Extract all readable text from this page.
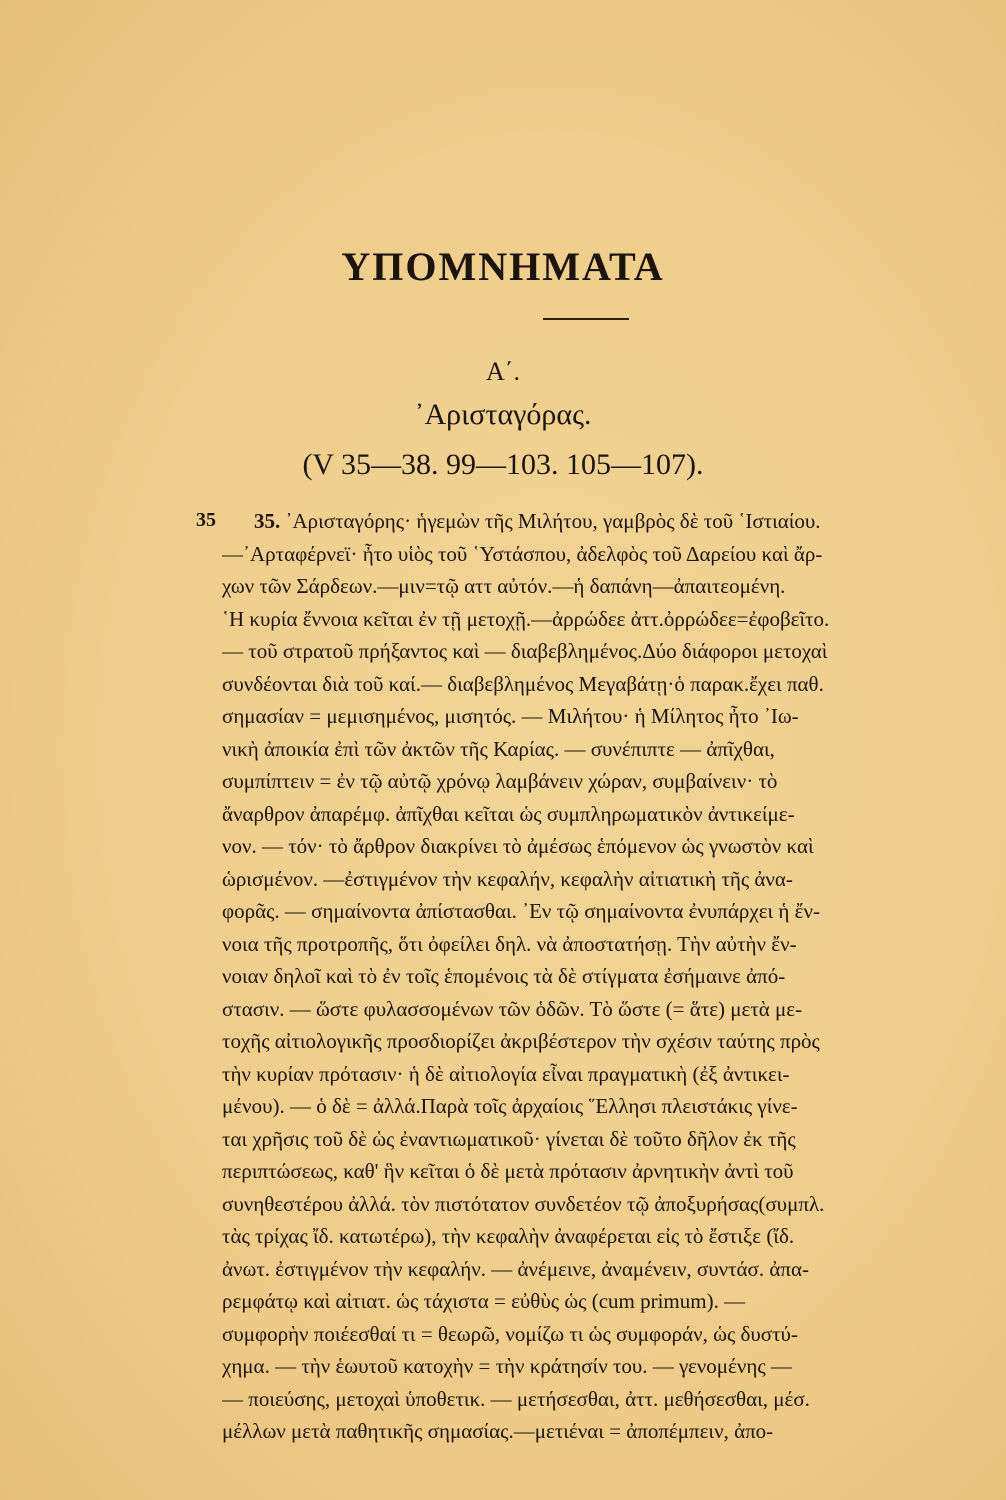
ΥΠΟΜΝΗΜΑΤΑ
Α΄.
᾿Αρισταγόρας.
(V 35—38. 99—103. 105—107).
35	35. ᾿Αρισταγόρης· ἡγεμὼν τῆς Μιλήτου, γαμβρὸς δὲ τοῦ ῾Ιστιαίου.
—᾿Αρταφέρνεϊ· ἦτο υἱὸς τοῦ ῾Υστάσπου, ἀδελφὸς τοῦ Δαρείου καὶ ἄρ-
χων τῶν Σάρδεων.—μιν=τῷ αττ αὐτόν.—ἡ δαπάνη—ἀπαιτεομένη.
῾Η κυρία ἔννοια κεῖται ἐν τῇ μετοχῇ.—ἀρρώδεε ἀττ.ὀρρώδεε=ἐφοβεῖτο.
— τοῦ στρατοῦ πρήξαντος καὶ — διαβεβλημένος.Δύο διάφοροι μετοχαὶ
συνδέονται διὰ τοῦ καί.— διαβεβλημένος Μεγαβάτῃ·ὁ παρακ.ἔχει παθ.
σημασίαν = μεμισημένος, μισητός. — Μιλήτου· ἡ Μίλητος ἦτο ᾿Ιω-
νικὴ ἀποικία ἐπὶ τῶν ἀκτῶν τῆς Καρίας. — συνέπιπτε — ἀπῖχθαι,
συμπίπτειν = ἐν τῷ αὐτῷ χρόνῳ λαμβάνειν χώραν, συμβαίνειν· τὸ
ἄναρθρον ἀπαρέμφ. ἀπῖχθαι κεῖται ὡς συμπληρωματικὸν ἀντικείμε-
νον. — τόν· τὸ ἄρθρον διακρίνει τὸ ἀμέσως ἑπόμενον ὡς γνωστὸν καὶ
ὡρισμένον. —ἐστιγμένον τὴν κεφαλήν, κεφαλὴν αἰτιατικὴ τῆς ἀνα-
φορᾶς. — σημαίνοντα ἀπίστασθαι. ᾿Εν τῷ σημαίνοντα ἐνυπάρχει ἡ ἔν-
νοια τῆς προτροπῆς, ὅτι ὀφείλει δηλ. νὰ ἀποστατήσῃ. Τὴν αὐτὴν ἔν-
νοιαν δηλοῖ καὶ τὸ ἐν τοῖς ἑπομένοις τὰ δὲ στίγματα ἐσήμαινε ἀπό-
στασιν. — ὥστε φυλασσομένων τῶν ὁδῶν. Τὸ ὥστε (= ἅτε) μετὰ με-
τοχῆς αἰτιολογικῆς προσδιορίζει ἀκριβέστερον τὴν σχέσιν ταύτης πρὸς
τὴν κυρίαν πρότασιν· ἡ δὲ αἰτιολογία εἶναι πραγματικὴ (ἐξ ἀντικει-
μένου). — ὁ δὲ = ἀλλά.Παρὰ τοῖς ἀρχαίοις ῞Ελλησι πλειστάκις γίνε-
ται χρῆσις τοῦ δὲ ὡς ἐναντιωματικοῦ· γίνεται δὲ τοῦτο δῆλον ἐκ τῆς
περιπτώσεως, καθ' ἣν κεῖται ὁ δὲ μετὰ πρότασιν ἀρνητικὴν ἀντὶ τοῦ
συνηθεστέρου ἀλλά. τὸν πιστότατον συνδετέον τῷ ἀποξυρήσας(συμπλ.
τὰς τρίχας ἴδ. κατωτέρω), τὴν κεφαλὴν ἀναφέρεται εἰς τὸ ἔστιξε (ἴδ.
ἀνωτ. ἐστιγμένον τὴν κεφαλήν. — ἀνέμεινε, ἀναμένειν, συντάσ. ἀπα-
ρεμφάτῳ καὶ αἰτιατ. ὡς τάχιστα = εὐθὺς ὡς (cum primum). —
συμφορὴν ποιέεσθαί τι = θεωρῶ, νομίζω τι ὡς συμφοράν, ὡς δυστύ-
χημα. — τὴν ἑωυτοῦ κατοχὴν = τὴν κράτησίν του. — γενομένης —
— ποιεύσης, μετοχαὶ ὑποθετικ. — μετήσεσθαι, ἀττ. μεθήσεσθαι, μέσ.
μέλλων μετὰ παθητικῆς σημασίας.—μετιέναι = ἀποπέμπειν, ἀπο-
